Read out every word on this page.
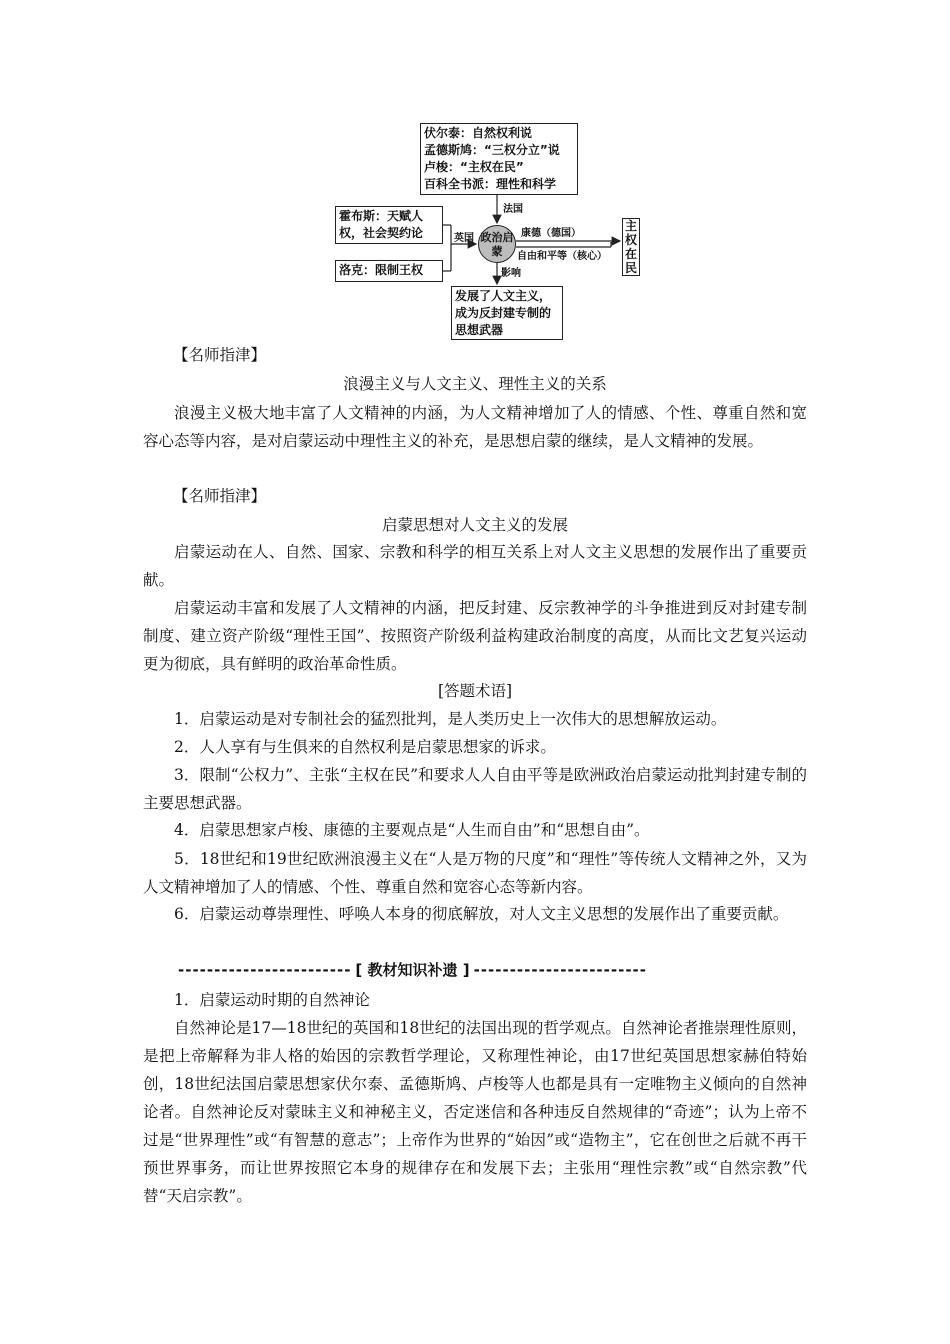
伏尔泰：自然权利说
孟德斯鸠：“三权分立”说
卢梭：“主权在民”
百科全书派：理性和科学
霍布斯：天赋人权，社会契约论
洛克：限制王权
政治启蒙
主权在民
发展了人文主义，成为反封建专制的思想武器
法国
英国	康德（德国）
自由和平等（核心）
影响
【名师指津】
浪漫主义与人文主义、理性主义的关系

浪漫主义极大地丰富了人文精神的内涵，为人文精神增加了人的情感、个性、尊重自然和宽容心态等内容，是对启蒙运动中理性主义的补充，是思想启蒙的继续，是人文精神的发展。

【名师指津】
启蒙思想对人文主义的发展

启蒙运动在人、自然、国家、宗教和科学的相互关系上对人文主义思想的发展作出了重要贡献。

启蒙运动丰富和发展了人文精神的内涵，把反封建、反宗教神学的斗争推进到反对封建专制制度、建立资产阶级“理性王国”、按照资产阶级利益构建政治制度的高度，从而比文艺复兴运动更为彻底，具有鲜明的政治革命性质。

[答题术语]

1．启蒙运动是对专制社会的猛烈批判，是人类历史上一次伟大的思想解放运动。

2．人人享有与生俱来的自然权利是启蒙思想家的诉求。

3．限制“公权力”、主张“主权在民”和要求人人自由平等是欧洲政治启蒙运动批判封建专制的主要思想武器。

4．启蒙思想家卢梭、康德的主要观点是“人生而自由”和“思想自由”。

5．18世纪和19世纪欧洲浪漫主义在“人是万物的尺度”和“理性”等传统人文精神之外，又为人文精神增加了人的情感、个性、尊重自然和宽容心态等新内容。

6．启蒙运动尊崇理性、呼唤人本身的彻底解放，对人文主义思想的发展作出了重要贡献。

------------------------ [ 教材知识补遗 ] ------------------------

1．启蒙运动时期的自然神论

自然神论是17—18世纪的英国和18世纪的法国出现的哲学观点。自然神论者推崇理性原则，是把上帝解释为非人格的始因的宗教哲学理论，又称理性神论，由17世纪英国思想家赫伯特始创，18世纪法国启蒙思想家伏尔泰、孟德斯鸠、卢梭等人也都是具有一定唯物主义倾向的自然神论者。自然神论反对蒙昧主义和神秘主义，否定迷信和各种违反自然规律的“奇迹”；认为上帝不过是“世界理性”或“有智慧的意志”；上帝作为世界的“始因”或“造物主”，它在创世之后就不再干预世界事务，而让世界按照它本身的规律存在和发展下去；主张用“理性宗教”或“自然宗教”代替“天启宗教”。
